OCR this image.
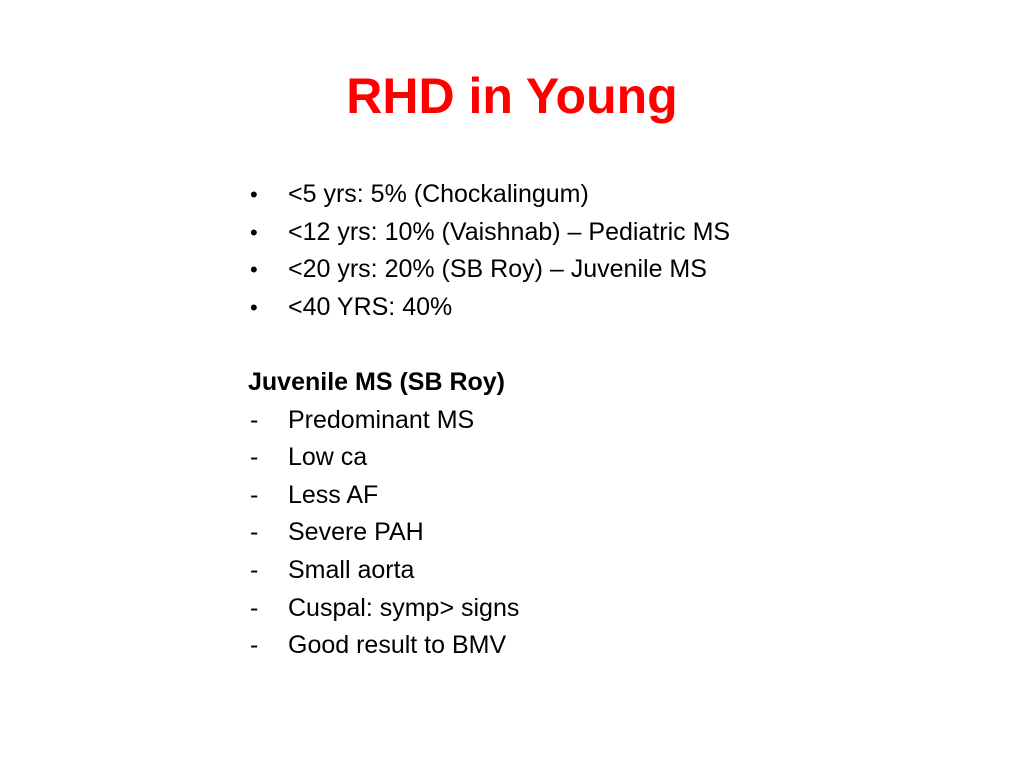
RHD in Young
•	<5 yrs: 5% (Chockalingum)
•	<12 yrs: 10% (Vaishnab) – Pediatric MS
•	<20 yrs: 20% (SB Roy) – Juvenile MS
•	<40 YRS: 40%
Juvenile MS (SB Roy)
-	Predominant MS
-	Low ca
-	Less AF
-	Severe PAH
-	Small aorta
-	Cuspal: symp> signs
-	Good result to BMV
